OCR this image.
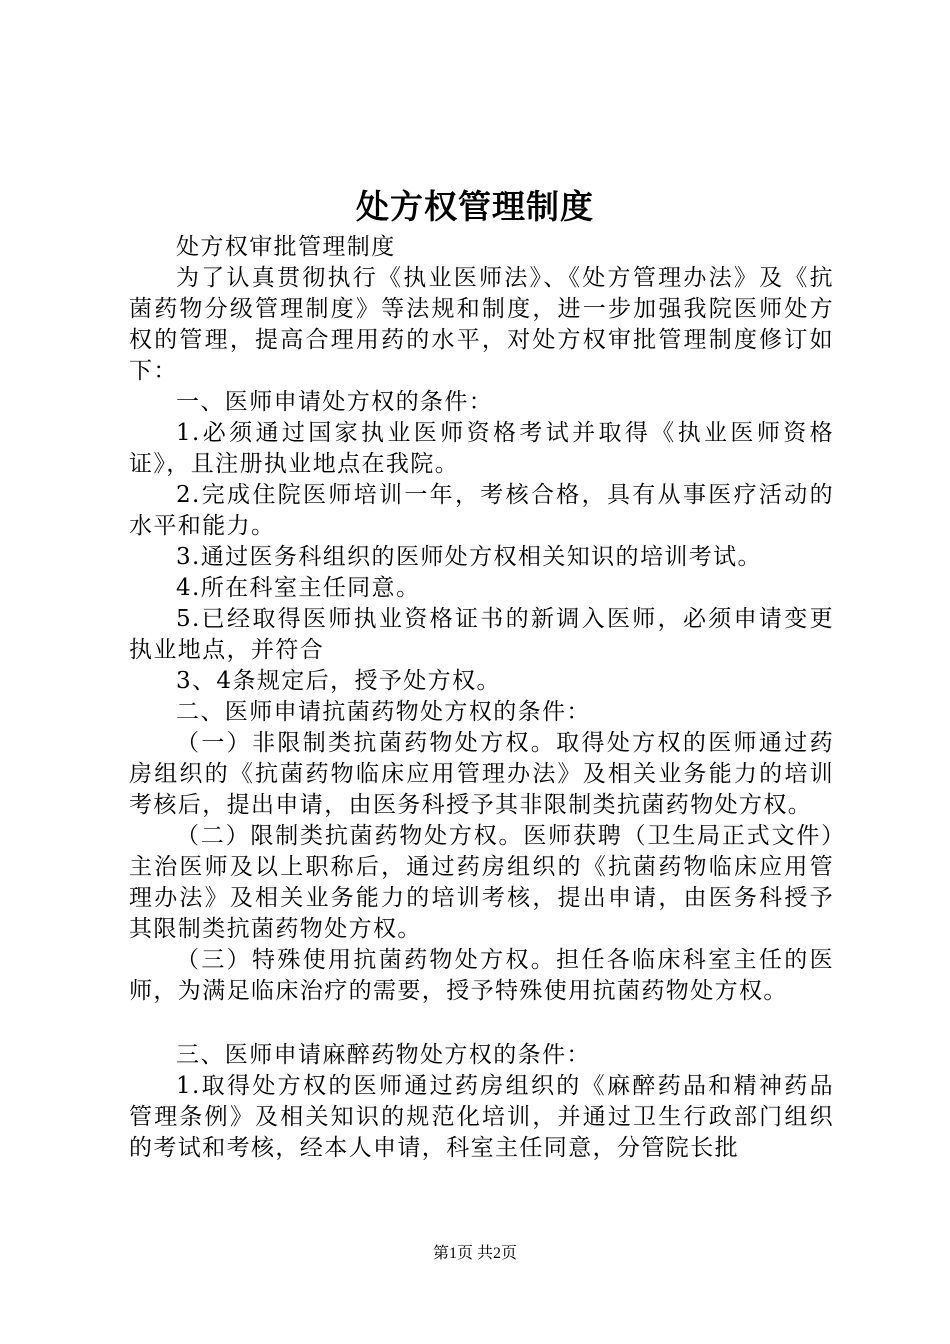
处方权管理制度

处方权审批管理制度

为了认真贯彻执行《执业医师法》、《处方管理办法》及《抗菌药物分级管理制度》等法规和制度，进一步加强我院医师处方权的管理，提高合理用药的水平，对处方权审批管理制度修订如下：

一、医师申请处方权的条件：

1.必须通过国家执业医师资格考试并取得《执业医师资格证》，且注册执业地点在我院。

2.完成住院医师培训一年，考核合格，具有从事医疗活动的水平和能力。

3.通过医务科组织的医师处方权相关知识的培训考试。

4.所在科室主任同意。

5.已经取得医师执业资格证书的新调入医师，必须申请变更执业地点，并符合

3、4条规定后，授予处方权。

二、医师申请抗菌药物处方权的条件：

（一）非限制类抗菌药物处方权。取得处方权的医师通过药房组织的《抗菌药物临床应用管理办法》及相关业务能力的培训考核后，提出申请，由医务科授予其非限制类抗菌药物处方权。

（二）限制类抗菌药物处方权。医师获聘（卫生局正式文件）主治医师及以上职称后，通过药房组织的《抗菌药物临床应用管理办法》及相关业务能力的培训考核，提出申请，由医务科授予其限制类抗菌药物处方权。

（三）特殊使用抗菌药物处方权。担任各临床科室主任的医师，为满足临床治疗的需要，授予特殊使用抗菌药物处方权。

三、医师申请麻醉药物处方权的条件：

1.取得处方权的医师通过药房组织的《麻醉药品和精神药品管理条例》及相关知识的规范化培训，并通过卫生行政部门组织的考试和考核，经本人申请，科室主任同意，分管院长批

第1页 共2页
